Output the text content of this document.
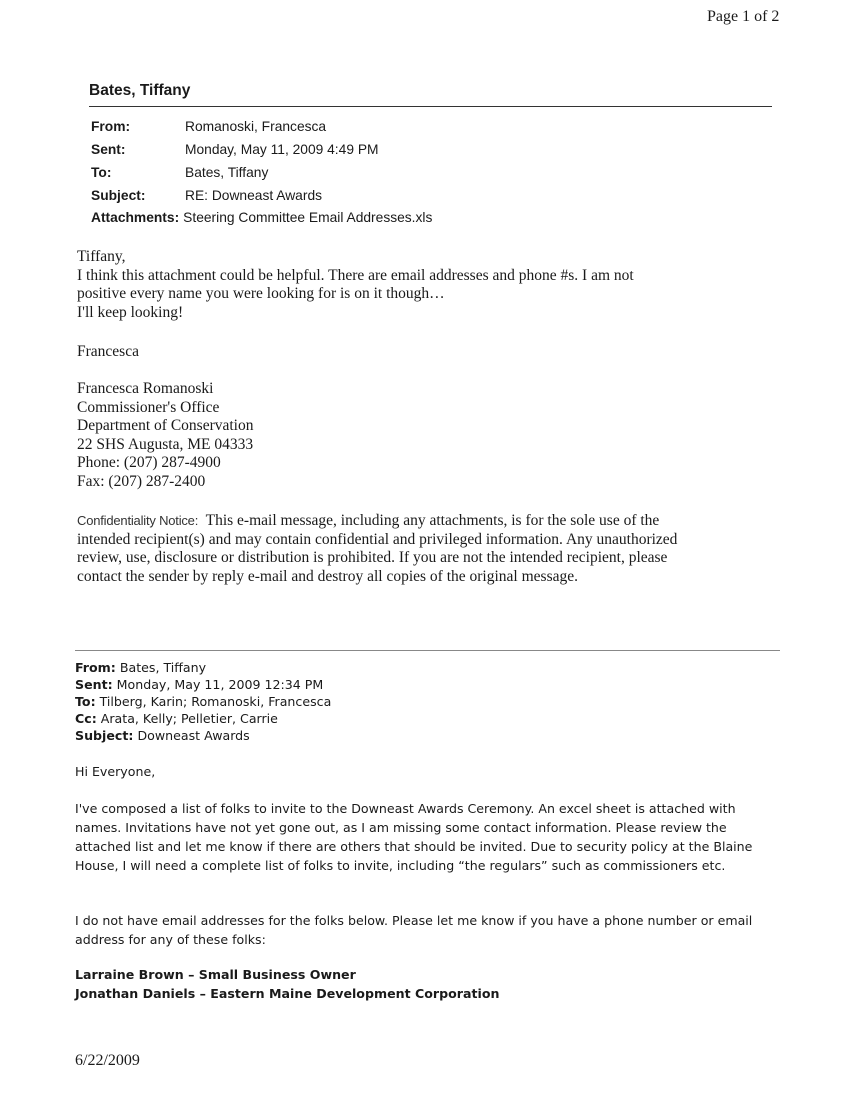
Page 1 of 2
Bates, Tiffany
From:	Romanoski, Francesca
Sent:	Monday, May 11, 2009 4:49 PM
To:	Bates, Tiffany
Subject:	RE: Downeast Awards
Attachments: Steering Committee Email Addresses.xls

Tiffany,

I think this attachment could be helpful. There are email addresses and phone #s. I am not

positive every name you were looking for is on it though…

I'll keep looking!

Francesca

Francesca Romanoski

Commissioner's Office

Department of Conservation

22 SHS Augusta, ME 04333

Phone: (207) 287-4900

Fax: (207) 287-2400

Confidentiality Notice: This e-mail message, including any attachments, is for the sole use of the

intended recipient(s) and may contain confidential and privileged information. Any unauthorized

review, use, disclosure or distribution is prohibited. If you are not the intended recipient, please

contact the sender by reply e-mail and destroy all copies of the original message.

From: Bates, Tiffany
Sent: Monday, May 11, 2009 12:34 PM
To: Tilberg, Karin; Romanoski, Francesca
Cc: Arata, Kelly; Pelletier, Carrie
Subject: Downeast Awards
Hi Everyone,

I've composed a list of folks to invite to the Downeast Awards Ceremony. An excel sheet is attached with

names. Invitations have not yet gone out, as I am missing some contact information. Please review the

attached list and let me know if there are others that should be invited. Due to security policy at the Blaine

House, I will need a complete list of folks to invite, including “the regulars” such as commissioners etc.

I do not have email addresses for the folks below. Please let me know if you have a phone number or email

address for any of these folks:

Larraine Brown – Small Business Owner

Jonathan Daniels – Eastern Maine Development Corporation

6/22/2009
